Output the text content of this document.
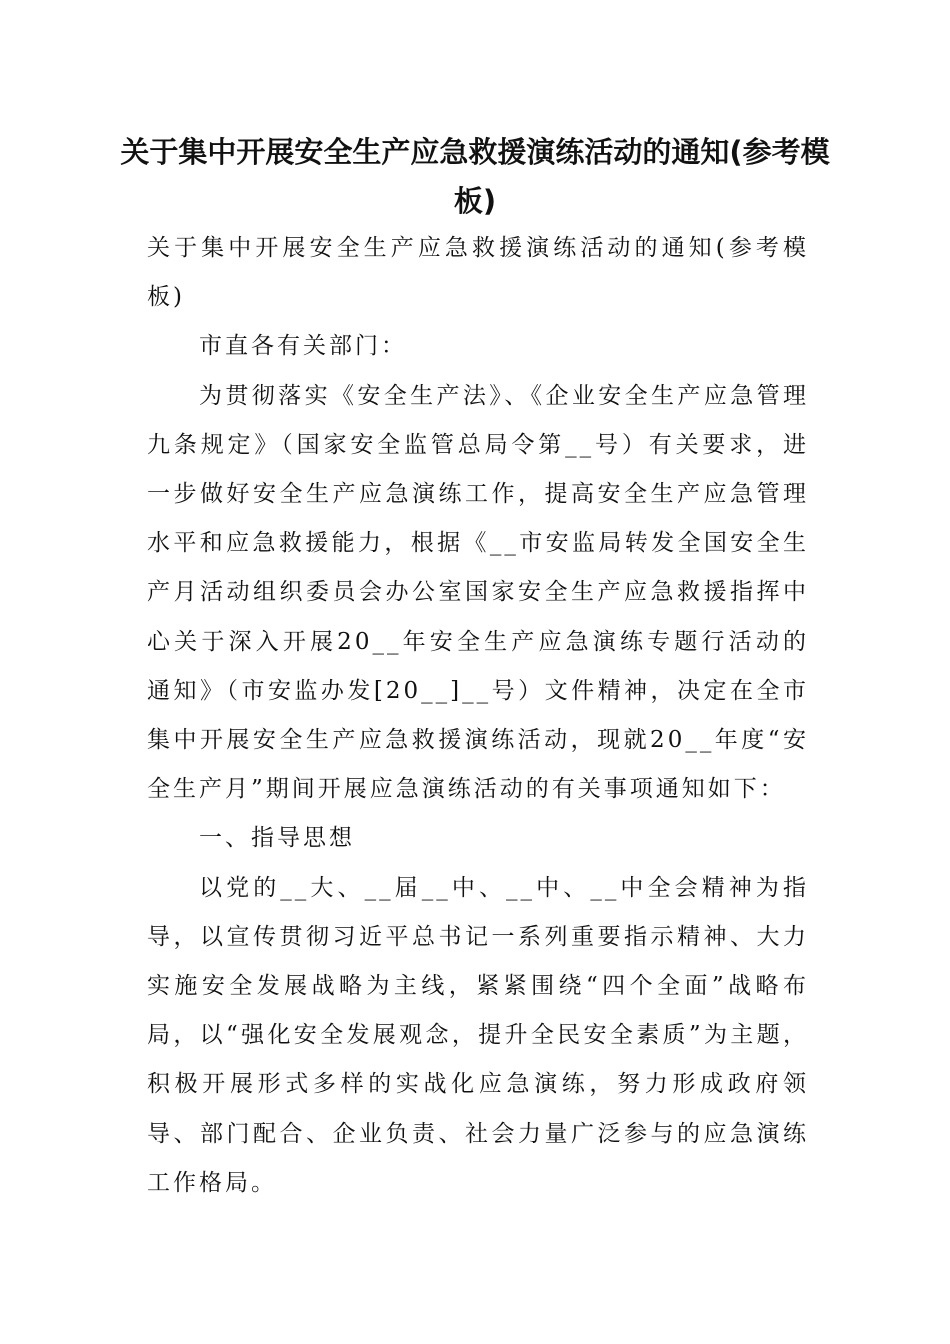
关于集中开展安全生产应急救援演练活动的通知(参考模板)

关于集中开展安全生产应急救援演练活动的通知(参考模板)

市直各有关部门：

为贯彻落实《安全生产法》、《企业安全生产应急管理九条规定》（国家安全监管总局令第__号）有关要求，进一步做好安全生产应急演练工作，提高安全生产应急管理水平和应急救援能力，根据《__市安监局转发全国安全生产月活动组织委员会办公室国家安全生产应急救援指挥中心关于深入开展20__年安全生产应急演练专题行活动的通知》（市安监办发[20__]__号）文件精神，决定在全市集中开展安全生产应急救援演练活动，现就20__年度“安全生产月”期间开展应急演练活动的有关事项通知如下：

一、指导思想

以党的__大、__届__中、__中、__中全会精神为指导，以宣传贯彻习近平总书记一系列重要指示精神、大力实施安全发展战略为主线，紧紧围绕“四个全面”战略布局，以“强化安全发展观念，提升全民安全素质”为主题，积极开展形式多样的实战化应急演练，努力形成政府领导、部门配合、企业负责、社会力量广泛参与的应急演练工作格局。
